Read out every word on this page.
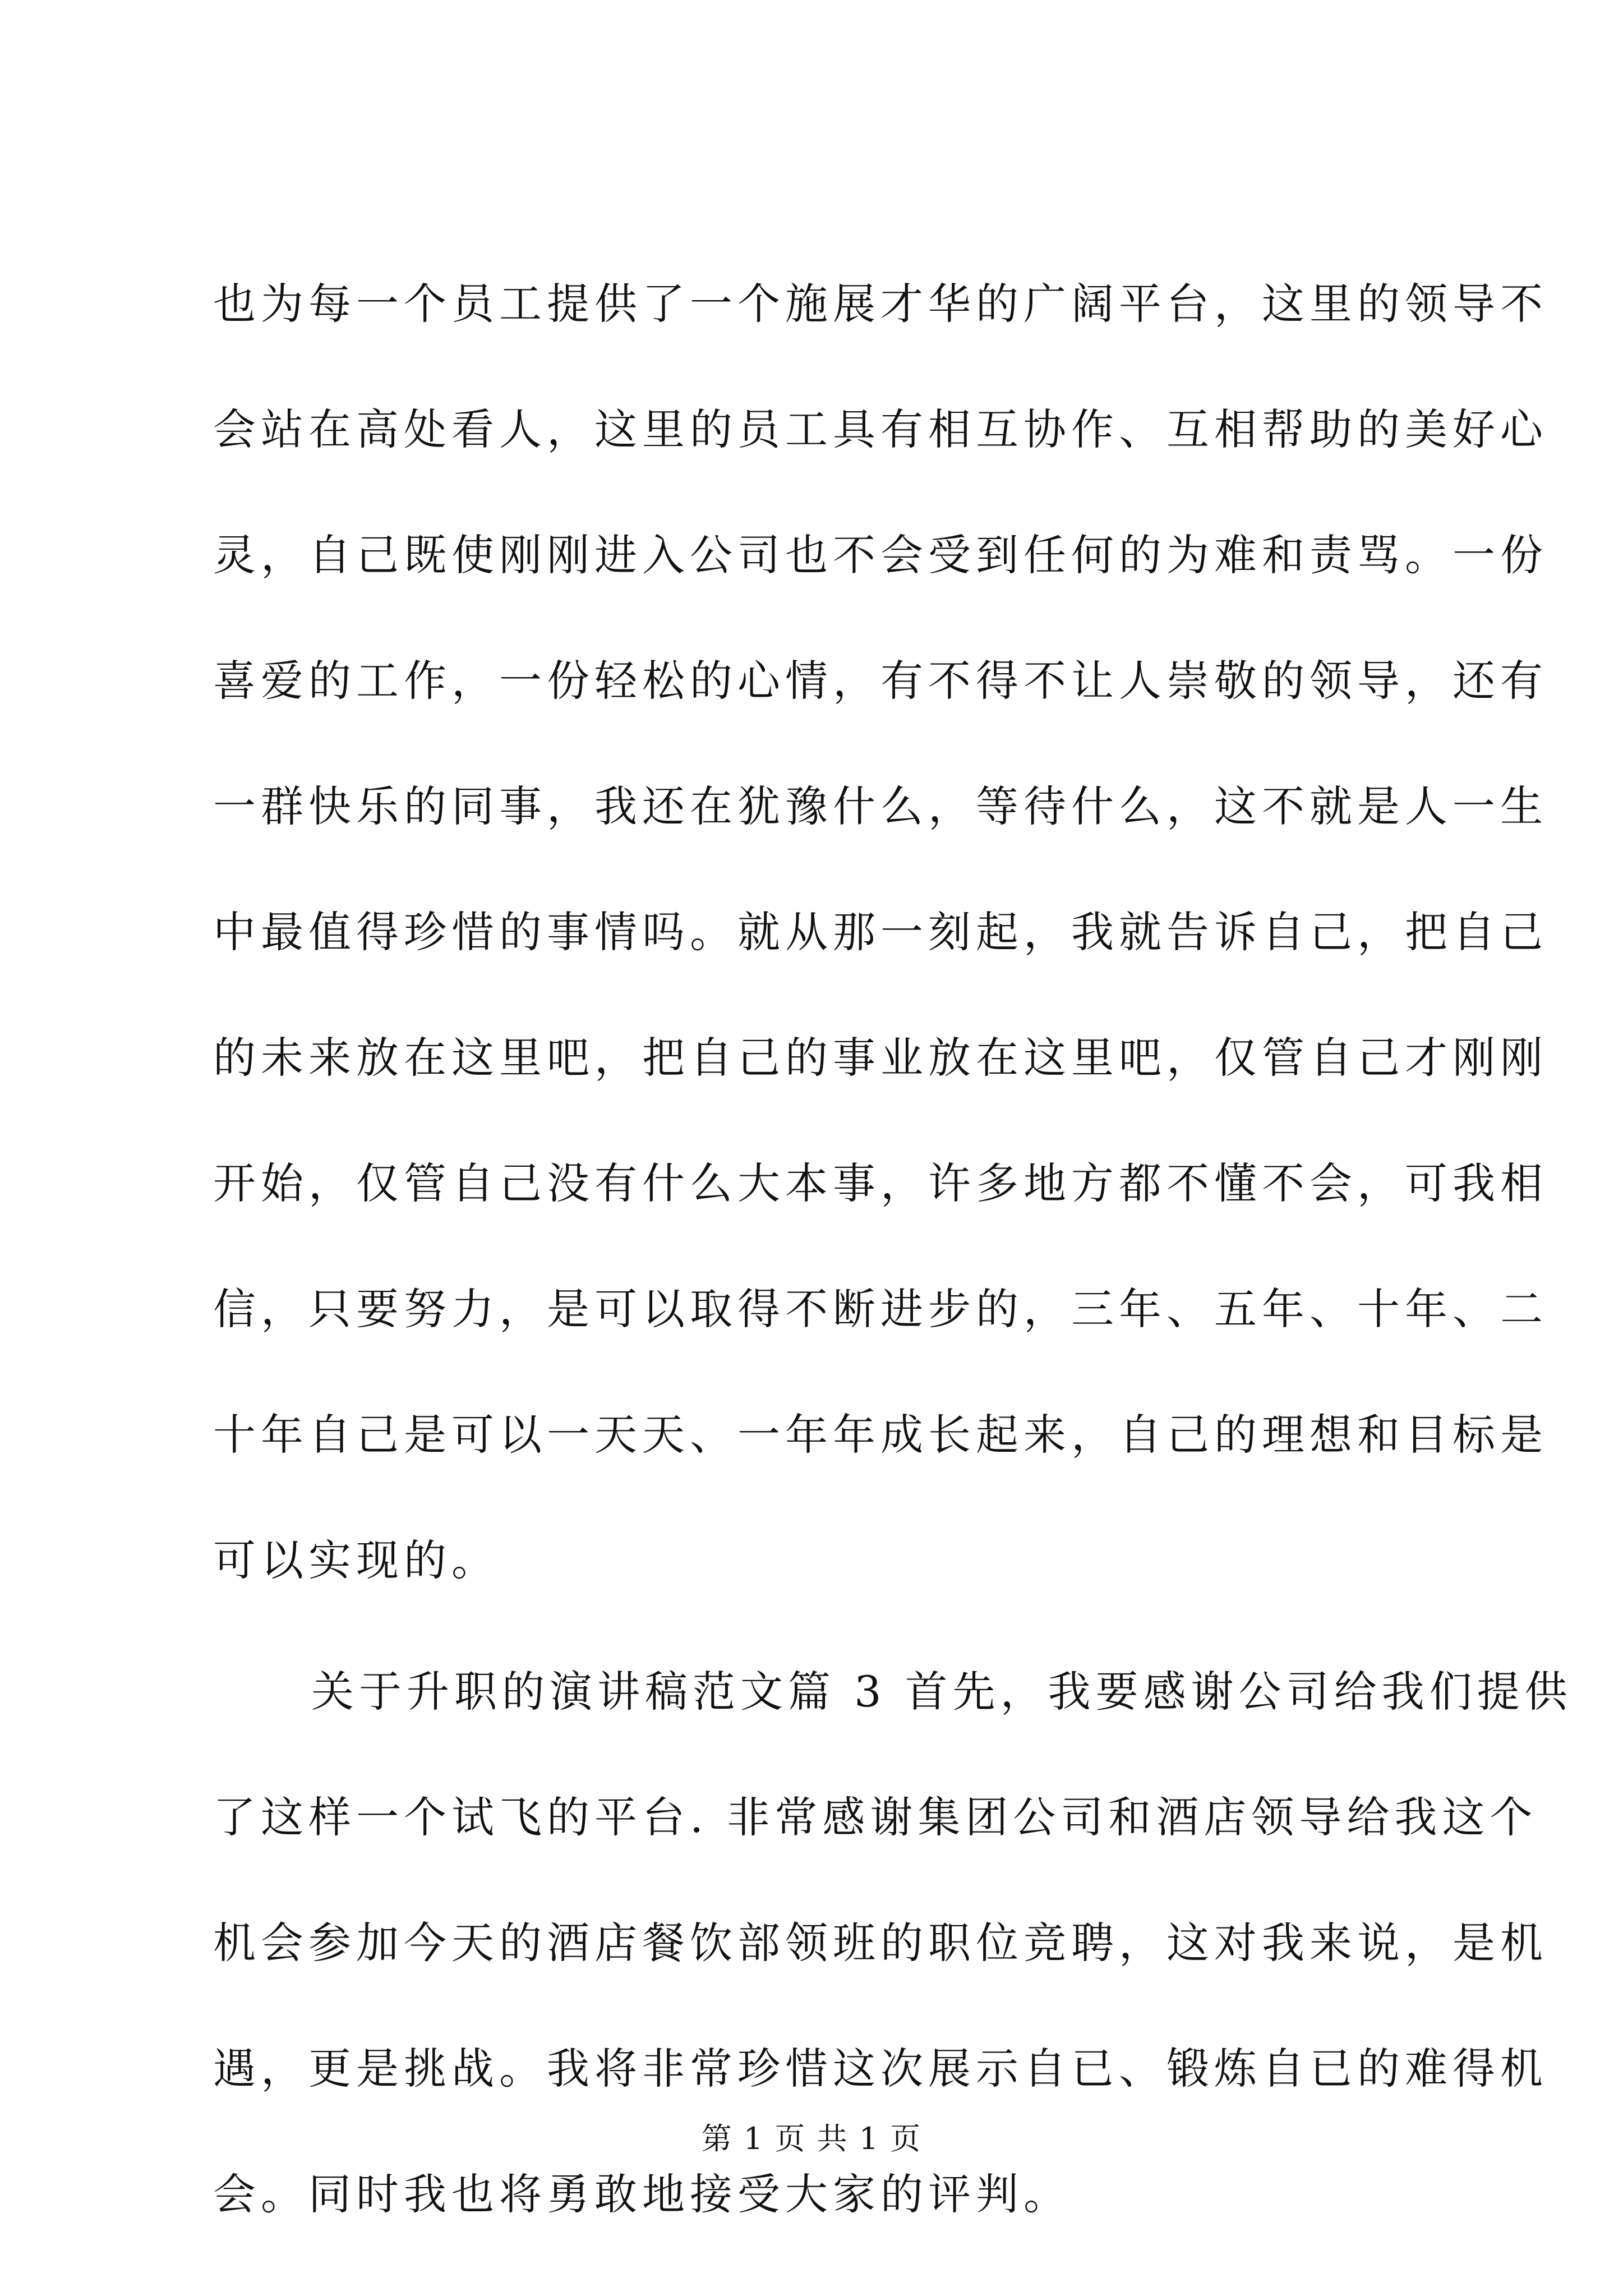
也为每一个员工提供了一个施展才华的广阔平台，这里的领导不
会站在高处看人，这里的员工具有相互协作、互相帮助的美好心
灵，自己既使刚刚进入公司也不会受到任何的为难和责骂。一份
喜爱的工作，一份轻松的心情，有不得不让人崇敬的领导，还有
一群快乐的同事，我还在犹豫什么，等待什么，这不就是人一生
中最值得珍惜的事情吗。就从那一刻起，我就告诉自己，把自己
的未来放在这里吧，把自己的事业放在这里吧，仅管自己才刚刚
开始，仅管自己没有什么大本事，许多地方都不懂不会，可我相
信，只要努力，是可以取得不断进步的，三年、五年、十年、二
十年自己是可以一天天、一年年成长起来，自己的理想和目标是
可以实现的。
关于升职的演讲稿范文篇 3 首先，我要感谢公司给我们提供
了这样一个试飞的平台. 非常感谢集团公司和酒店领导给我这个
机会参加今天的酒店餐饮部领班的职位竞聘，这对我来说，是机
遇，更是挑战。我将非常珍惜这次展示自已、锻炼自已的难得机
会。同时我也将勇敢地接受大家的评判。
第 1 页 共 1 页
